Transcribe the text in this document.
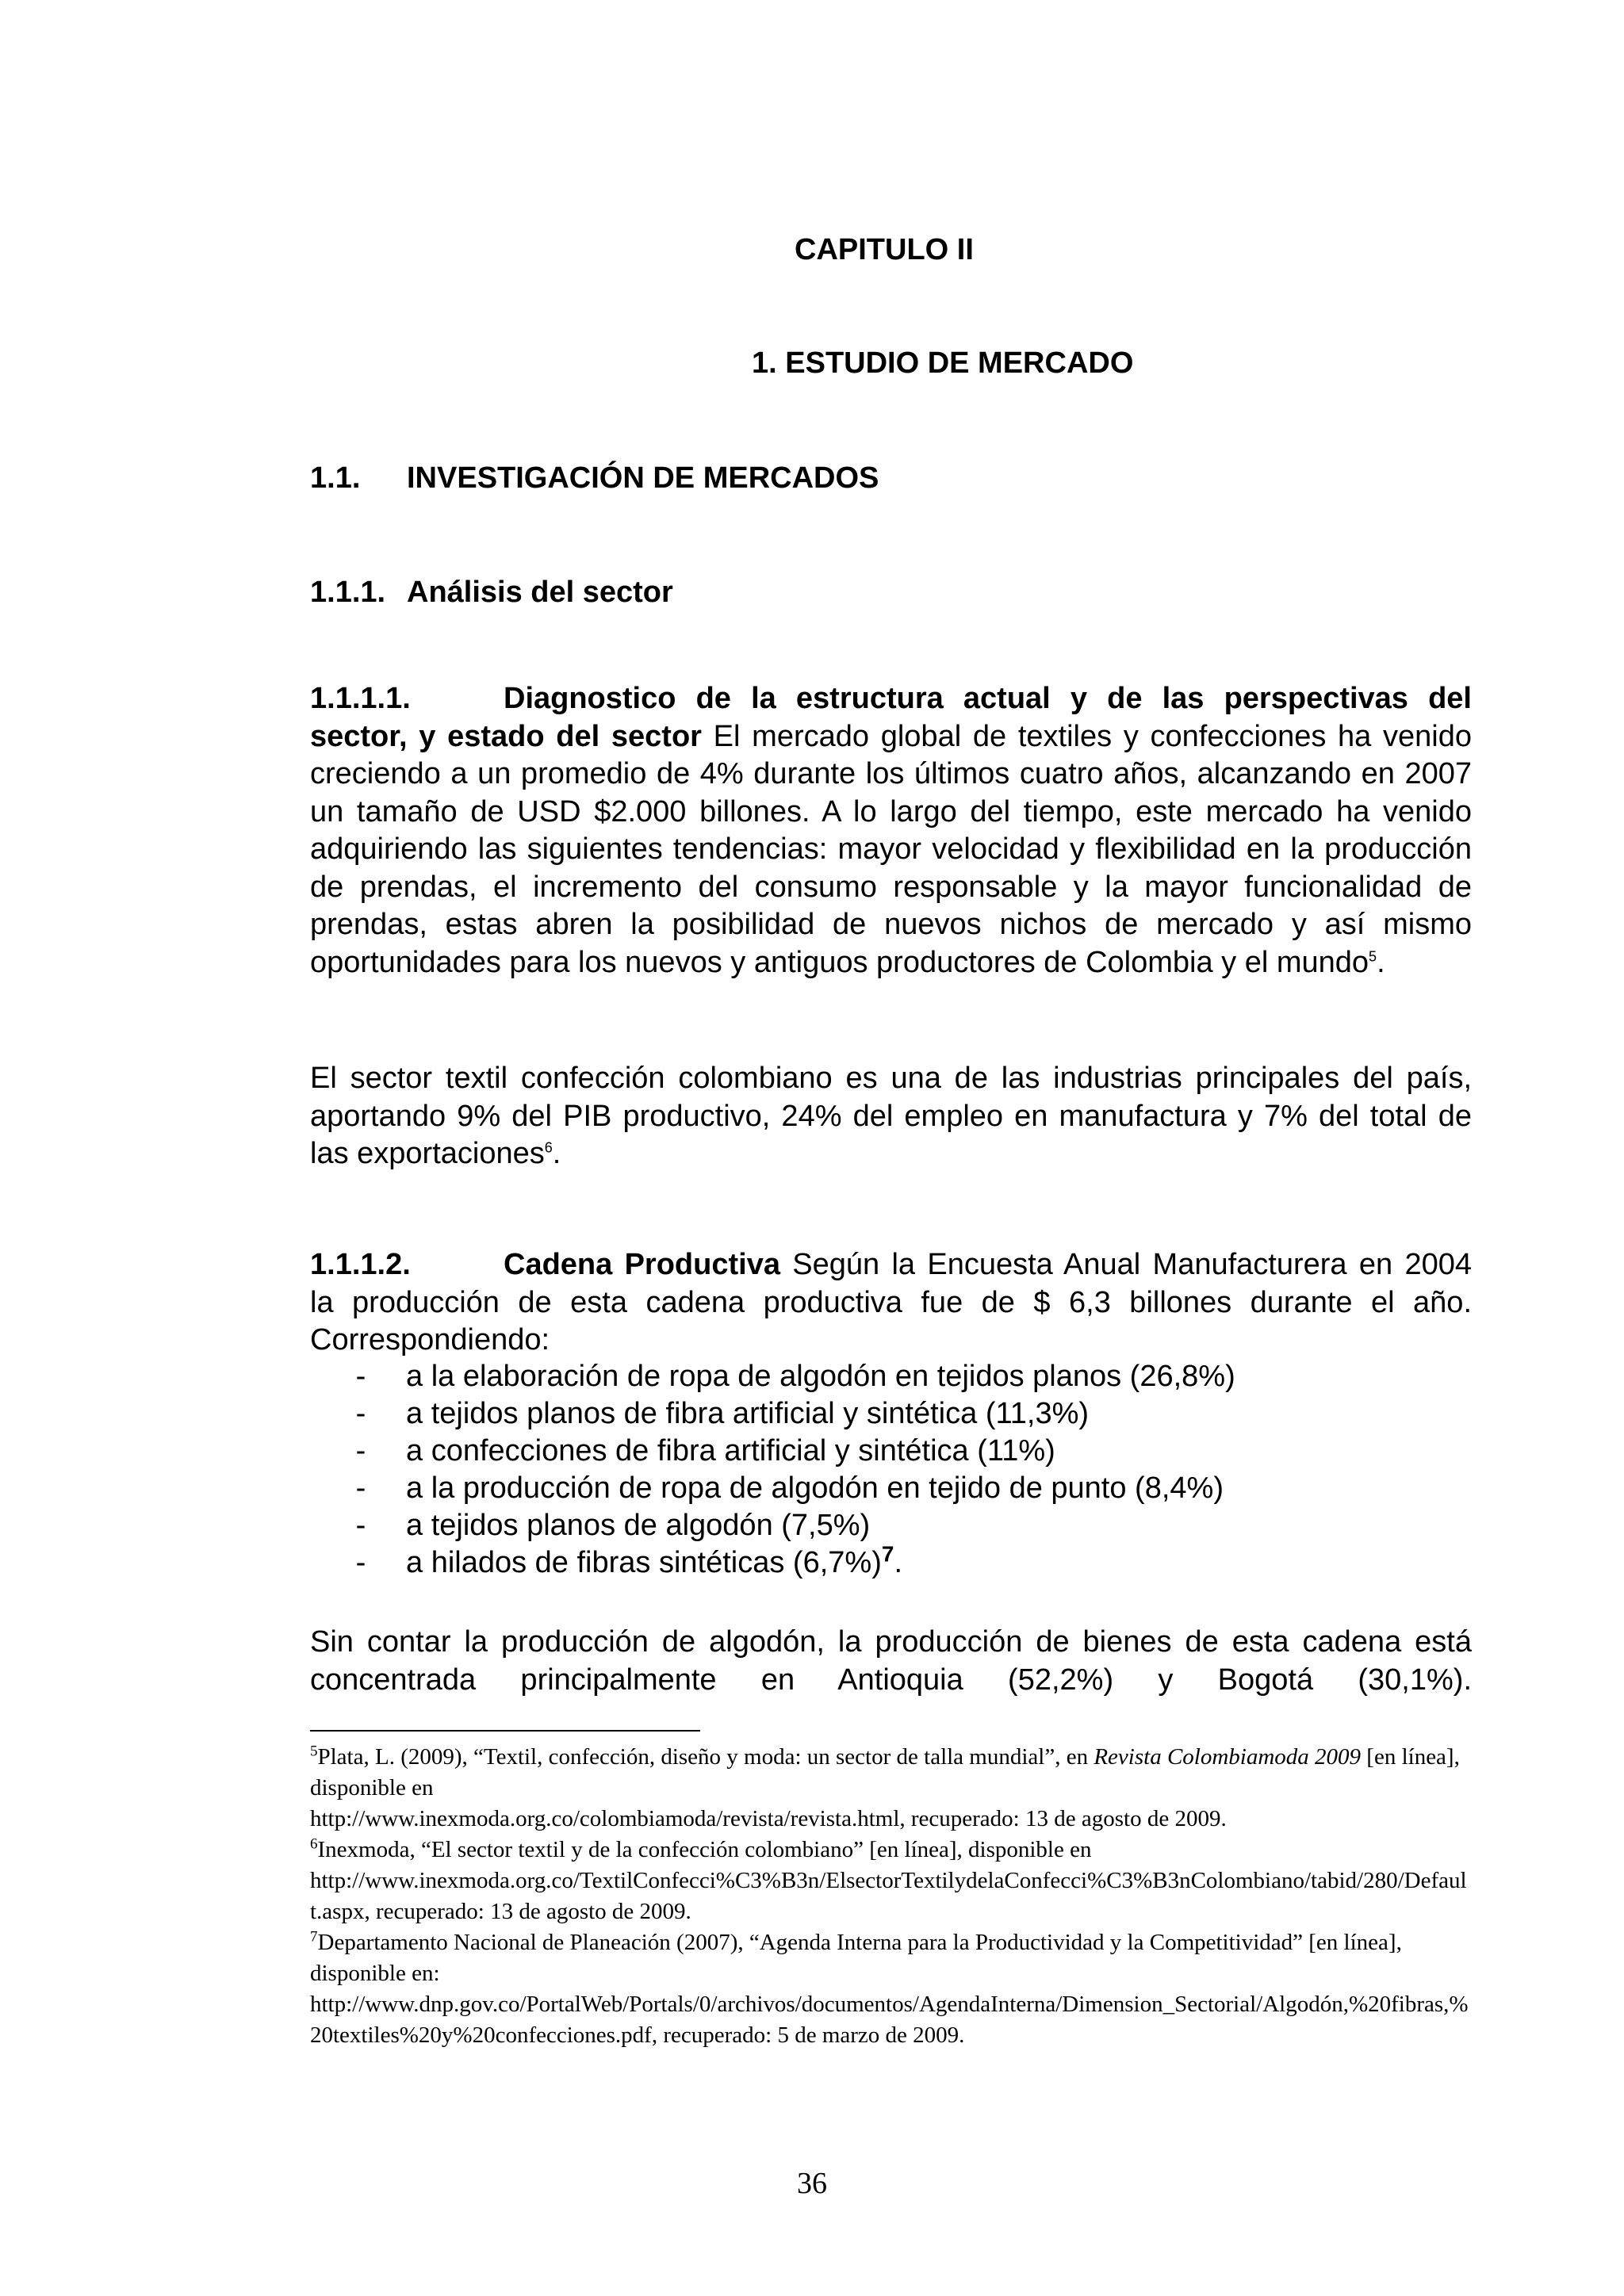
CAPITULO II
1. ESTUDIO DE MERCADO
1.1. INVESTIGACIÓN DE MERCADOS
1.1.1. Análisis del sector

1.1.1.1.	Diagnostico de la estructura actual y de las perspectivas del sector, y estado del sector El mercado global de textiles y confecciones ha venido creciendo a un promedio de 4% durante los últimos cuatro años, alcanzando en 2007 un tamaño de USD $2.000 billones. A lo largo del tiempo, este mercado ha venido adquiriendo las siguientes tendencias: mayor velocidad y flexibilidad en la producción de prendas, el incremento del consumo responsable y la mayor funcionalidad de prendas, estas abren la posibilidad de nuevos nichos de mercado y así mismo oportunidades para los nuevos y antiguos productores de Colombia y el mundo$^5$.

El sector textil confección colombiano es una de las industrias principales del país, aportando 9% del PIB productivo, 24% del empleo en manufactura y 7% del total de las exportaciones$^6$.

1.1.1.2.	Cadena Productiva Según la Encuesta Anual Manufacturera en 2004 la producción de esta cadena productiva fue de $ 6,3 billones durante el año. Correspondiendo:

- a la elaboración de ropa de algodón en tejidos planos (26,8%)
- a tejidos planos de fibra artificial y sintética (11,3%)
- a confecciones de fibra artificial y sintética (11%)
- a la producción de ropa de algodón en tejido de punto (8,4%)
- a tejidos planos de algodón (7,5%)
- a hilados de fibras sintéticas $(6,7\%)^7$.

Sin contar la producción de algodón, la producción de bienes de esta cadena está concentrada principalmente en Antioquia (52,2%) y Bogotá (30,1%).

$^5$Plata, L. (2009), “Textil, confección, diseño y moda: un sector de talla mundial”, en Revista Colombiamoda 2009 [en línea], disponible en

http://www.inexmoda.org.co/colombiamoda/revista/revista.html, recuperado: 13 de agosto de 2009.

$^6$Inexmoda, “El sector textil y de la confección colombiano” [en línea], disponible en

http://www.inexmoda.org.co/TextilConfecci%C3%B3n/ElsectorTextilydelaConfecci%C3%B3nColombiano/tabid/280/Default.aspx, recuperado: 13 de agosto de 2009.

$^7$Departamento Nacional de Planeación (2007), “Agenda Interna para la Productividad y la Competitividad” [en línea], disponible en:

http://www.dnp.gov.co/PortalWeb/Portals/0/archivos/documentos/AgendaInterna/Dimension_Sectorial/Algodón,%20fibras,%20textiles%20y%20confecciones.pdf, recuperado: 5 de marzo de 2009.

36
